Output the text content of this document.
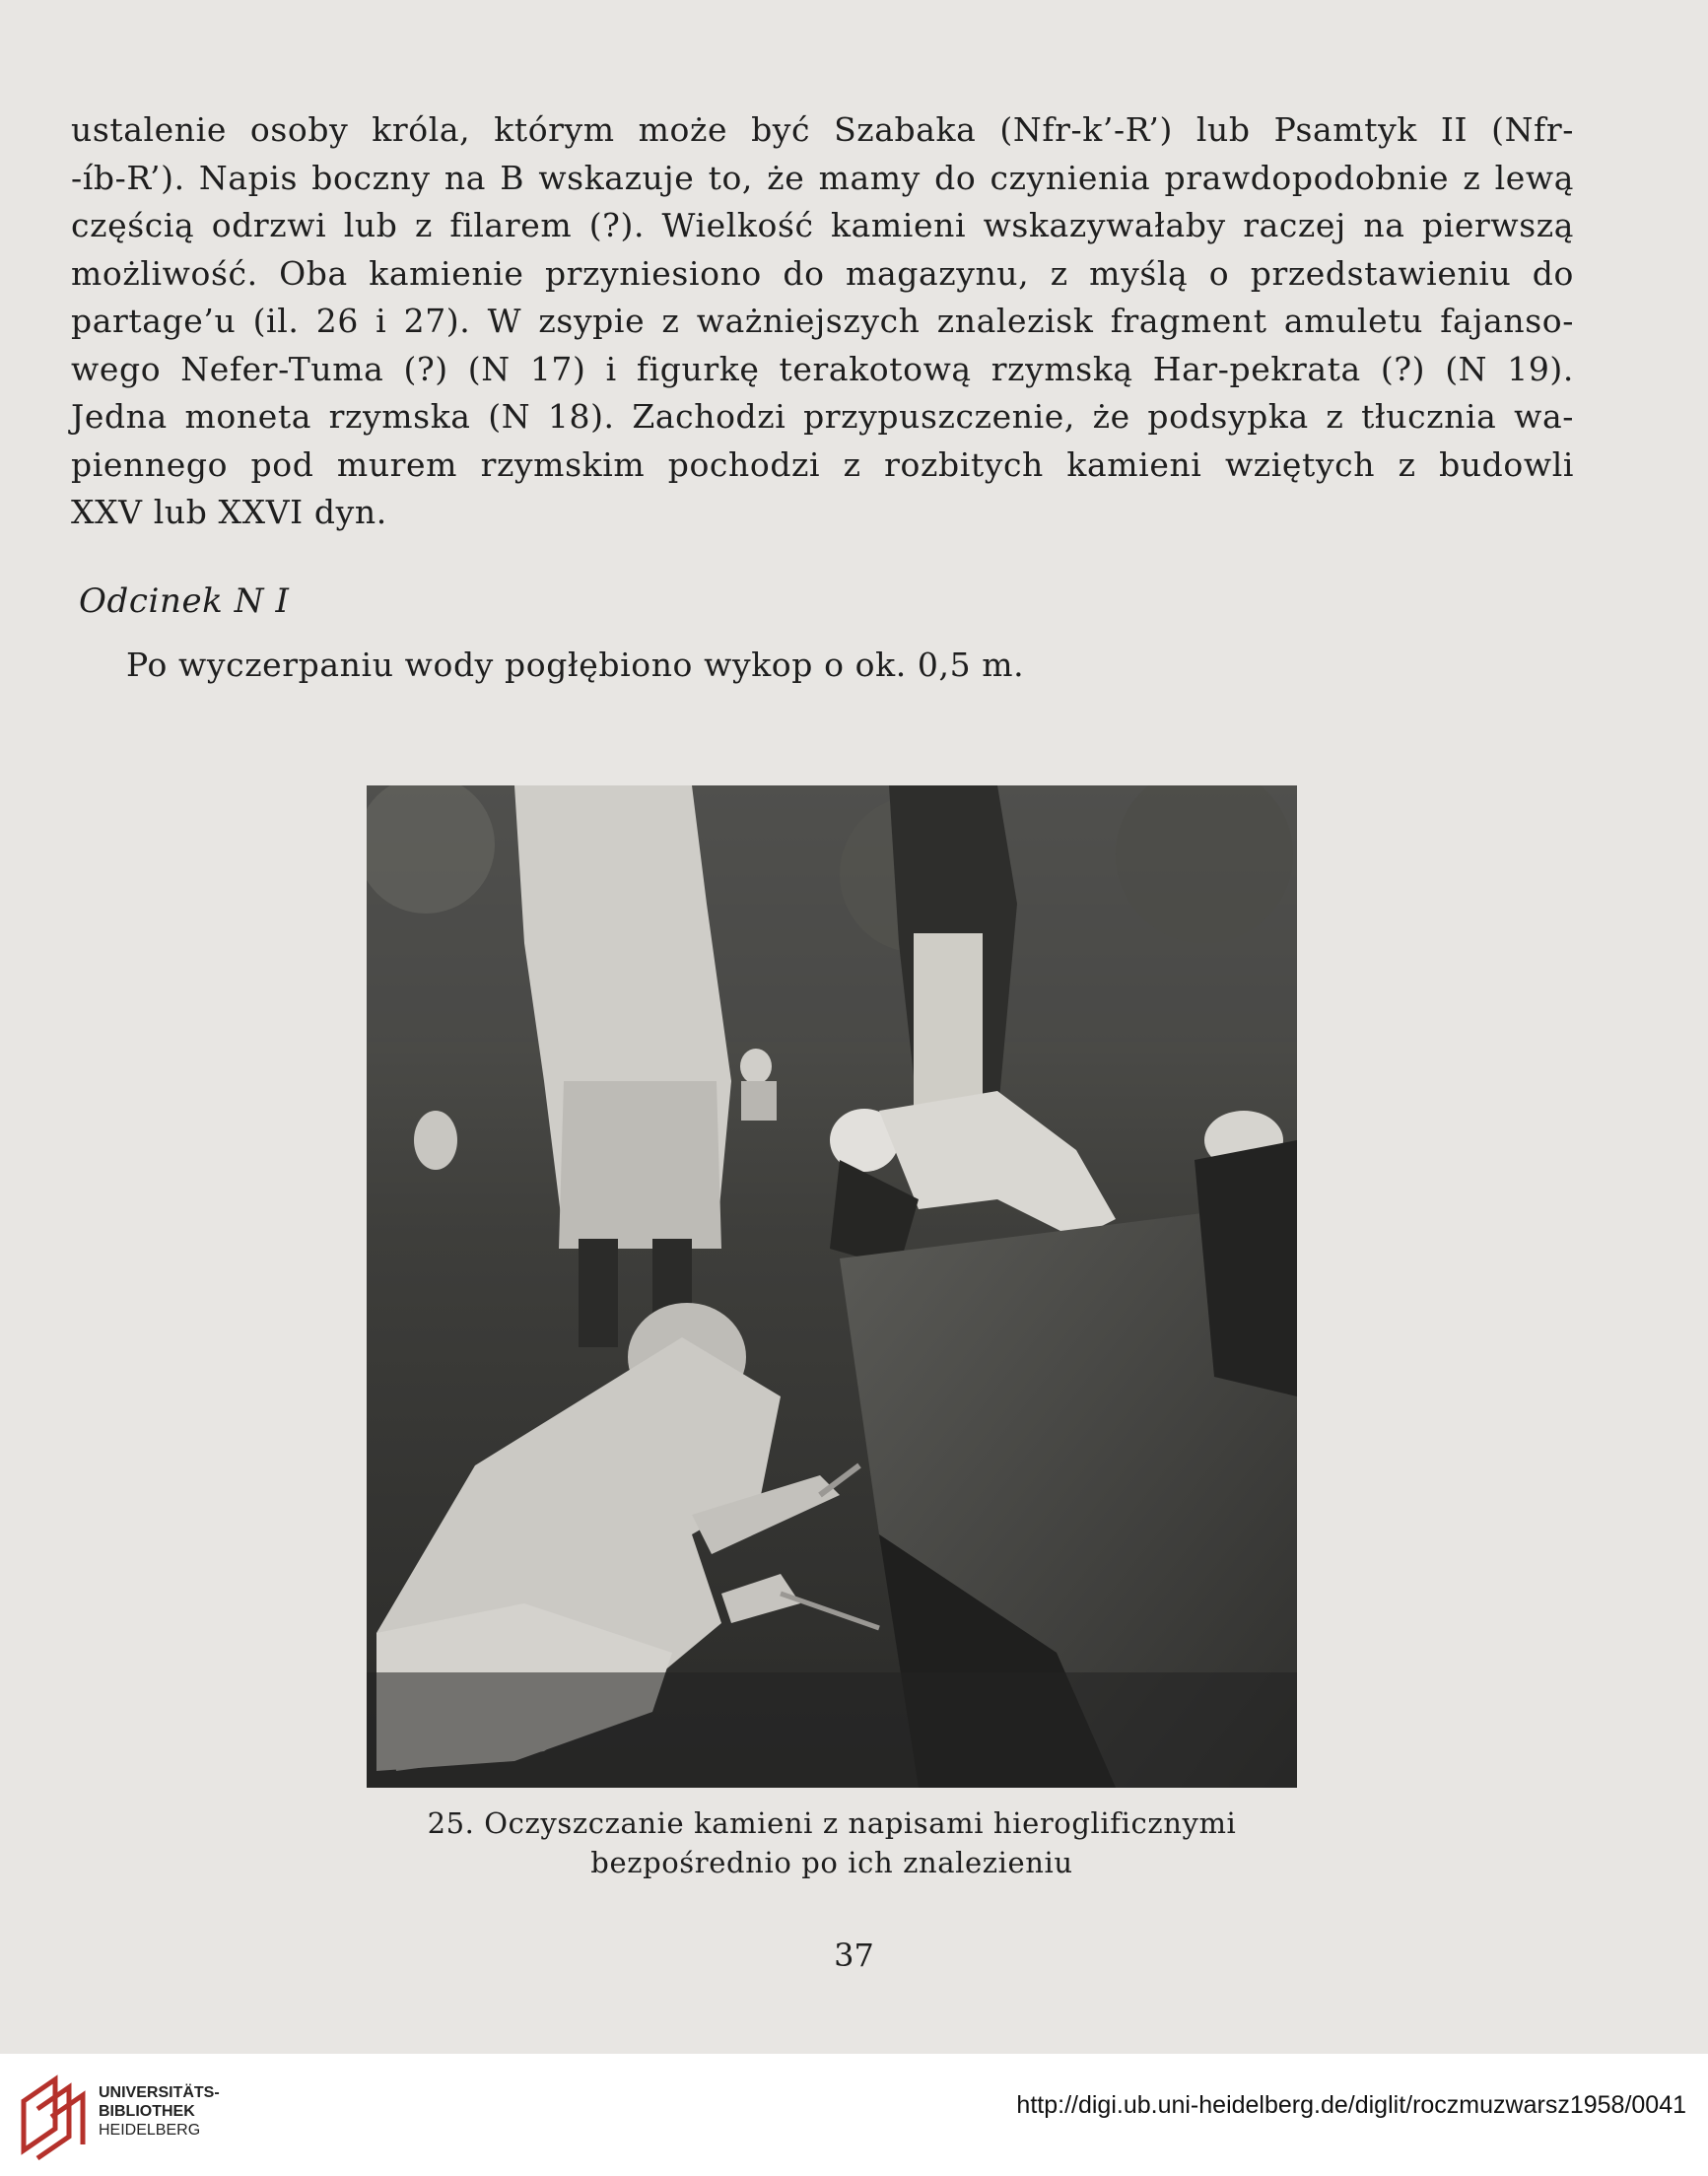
ustalenie osoby króla, którym może być Szabaka (Nfr-k’-R’) lub Psamtyk II (Nfr-
-íb-R’). Napis boczny na B wskazuje to, że mamy do czynienia prawdopodobnie z lewą
częścią odrzwi lub z filarem (?). Wielkość kamieni wskazywałaby raczej na pierwszą
możliwość. Oba kamienie przyniesiono do magazynu, z myślą o przedstawieniu do
partage’u (il. 26 i 27). W zsypie z ważniejszych znalezisk fragment amuletu fajanso-
wego Nefer-Tuma (?) (N 17) i figurkę terakotową rzymską Har-pekrata (?) (N 19).
Jedna moneta rzymska (N 18). Zachodzi przypuszczenie, że podsypka z tłucznia wa-
piennego pod murem rzymskim pochodzi z rozbitych kamieni wziętych z budowli
XXV lub XXVI dyn.
Odcinek N I
Po wyczerpaniu wody pogłębiono wykop o ok. 0,5 m.
25. Oczyszczanie kamieni z napisami hieroglificznymi
bezpośrednio po ich znalezieniu
37
UNIVERSITÄTS-
BIBLIOTHEK
HEIDELBERG
http://digi.ub.uni-heidelberg.de/diglit/roczmuzwarsz1958/0041
